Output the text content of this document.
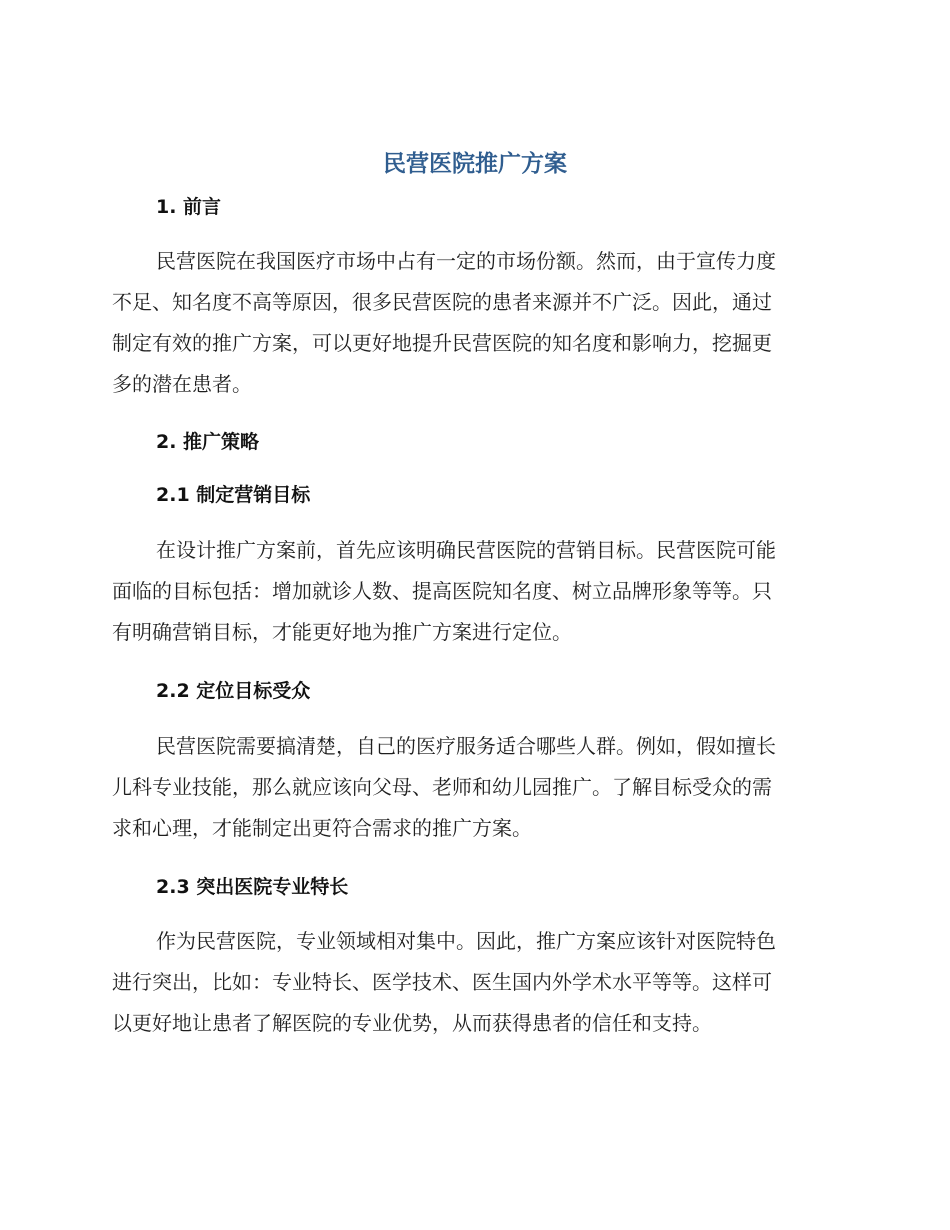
民营医院推广方案
1. 前言

民营医院在我国医疗市场中占有一定的市场份额。然而，由于宣传力度
不足、知名度不高等原因，很多民营医院的患者来源并不广泛。因此，通过
制定有效的推广方案，可以更好地提升民营医院的知名度和影响力，挖掘更
多的潜在患者。

2. 推广策略
2.1 制定营销目标

在设计推广方案前，首先应该明确民营医院的营销目标。民营医院可能
面临的目标包括：增加就诊人数、提高医院知名度、树立品牌形象等等。只
有明确营销目标，才能更好地为推广方案进行定位。

2.2 定位目标受众

民营医院需要搞清楚，自己的医疗服务适合哪些人群。例如，假如擅长
儿科专业技能，那么就应该向父母、老师和幼儿园推广。了解目标受众的需
求和心理，才能制定出更符合需求的推广方案。

2.3 突出医院专业特长

作为民营医院，专业领域相对集中。因此，推广方案应该针对医院特色
进行突出，比如：专业特长、医学技术、医生国内外学术水平等等。这样可
以更好地让患者了解医院的专业优势，从而获得患者的信任和支持。
